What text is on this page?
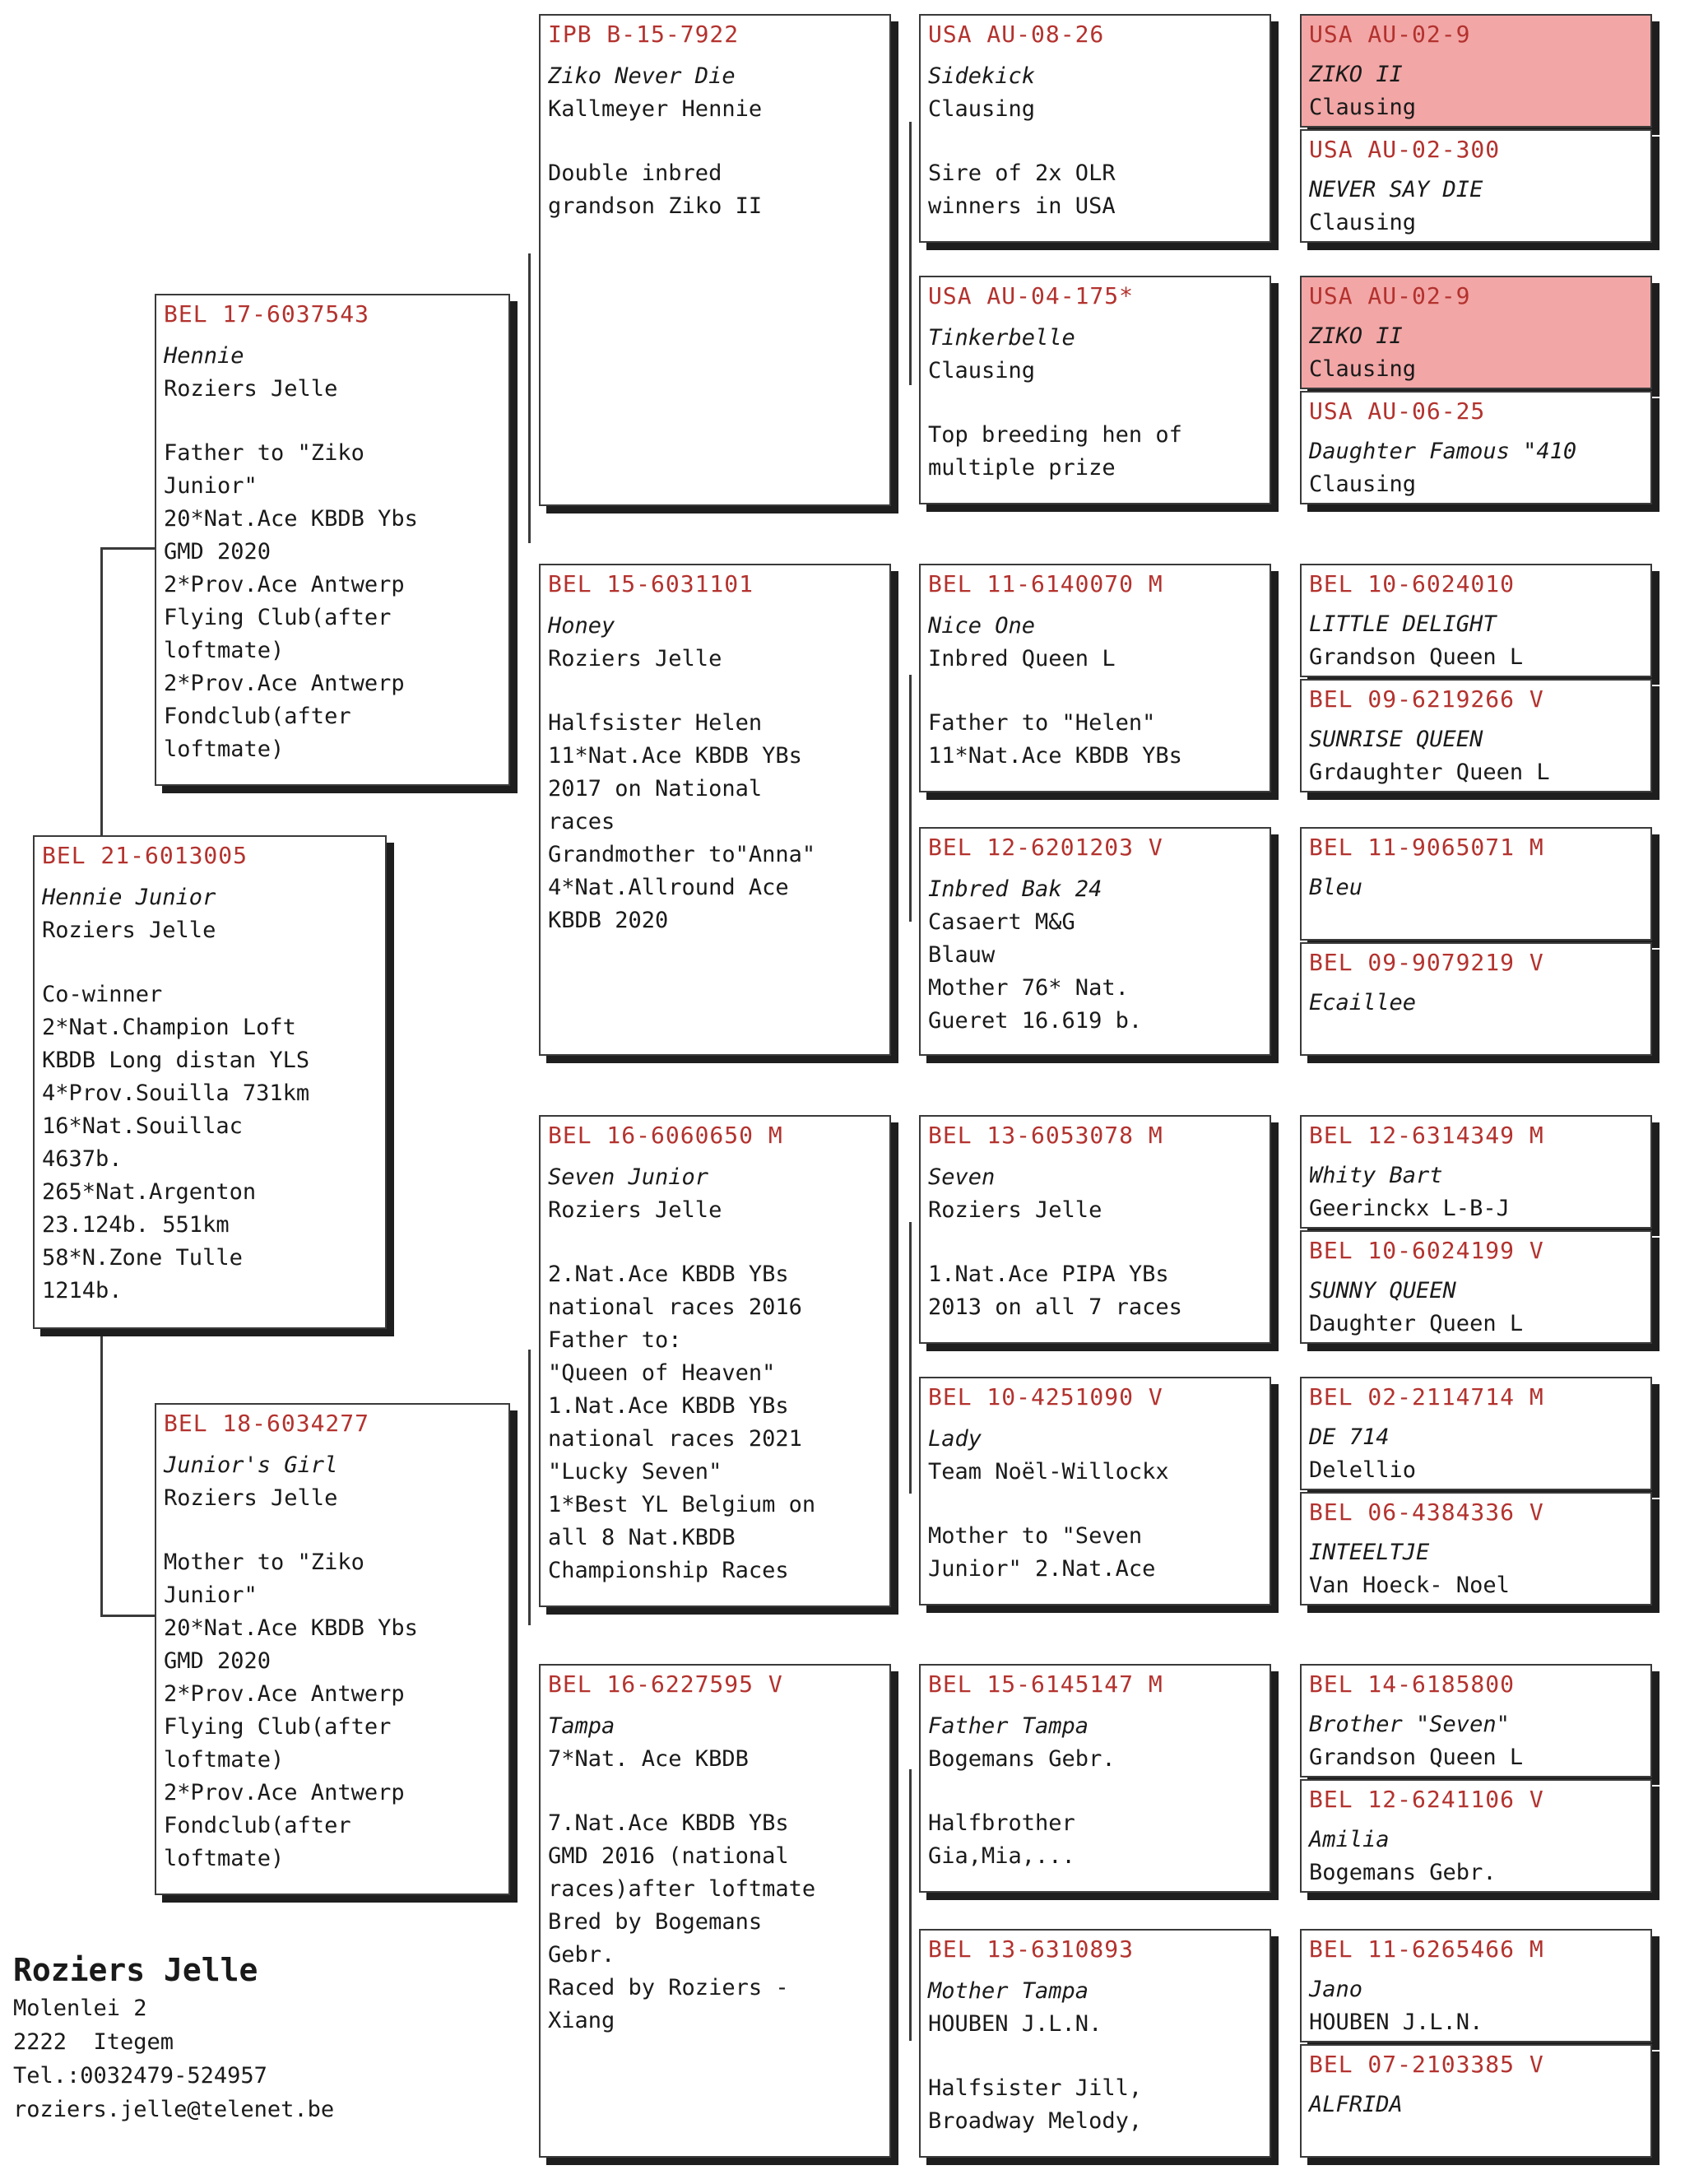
BEL 21-6013005
Hennie Junior
Roziers Jelle
Co-winner
2*Nat.Champion Loft
KBDB Long distan YLS
4*Prov.Souilla 731km
16*Nat.Souillac
4637b.
265*Nat.Argenton
23.124b. 551km
58*N.Zone Tulle
1214b.
BEL 17-6037543
Hennie
Roziers Jelle
Father to "Ziko
Junior"
20*Nat.Ace KBDB Ybs
GMD 2020
2*Prov.Ace Antwerp
Flying Club(after
loftmate)
2*Prov.Ace Antwerp
Fondclub(after
loftmate)
BEL 18-6034277
Junior's Girl
Roziers Jelle
Mother to "Ziko
Junior"
20*Nat.Ace KBDB Ybs
GMD 2020
2*Prov.Ace Antwerp
Flying Club(after
loftmate)
2*Prov.Ace Antwerp
Fondclub(after
loftmate)
IPB B-15-7922
Ziko Never Die
Kallmeyer Hennie
Double inbred
grandson Ziko II
BEL 15-6031101
Honey
Roziers Jelle
Halfsister Helen
11*Nat.Ace KBDB YBs
2017 on National
races
Grandmother to"Anna"
4*Nat.Allround Ace
KBDB 2020
BEL 16-6060650 M
Seven Junior
Roziers Jelle
2.Nat.Ace KBDB YBs
national races 2016
Father to:
"Queen of Heaven"
1.Nat.Ace KBDB YBs
national races 2021
"Lucky Seven"
1*Best YL Belgium on
all 8 Nat.KBDB
Championship Races
BEL 16-6227595 V
Tampa
7*Nat. Ace KBDB
7.Nat.Ace KBDB YBs
GMD 2016 (national
races)after loftmate
Bred by Bogemans
Gebr.
Raced by Roziers -
Xiang
USA AU-08-26
Sidekick
Clausing
Sire of 2x OLR
winners in USA
USA AU-04-175*
Tinkerbelle
Clausing
Top breeding hen of
multiple prize
BEL 11-6140070 M
Nice One
Inbred Queen L
Father to "Helen"
11*Nat.Ace KBDB YBs
BEL 12-6201203 V
Inbred Bak 24
Casaert M&G
Blauw
Mother 76* Nat.
Gueret 16.619 b.
BEL 13-6053078 M
Seven
Roziers Jelle
1.Nat.Ace PIPA YBs
2013 on all 7 races
BEL 10-4251090 V
Lady
Team Noël-Willockx
Mother to "Seven
Junior" 2.Nat.Ace
BEL 15-6145147 M
Father Tampa
Bogemans Gebr.
Halfbrother
Gia,Mia,...
BEL 13-6310893
Mother Tampa
HOUBEN J.L.N.
Halfsister Jill,
Broadway Melody,
USA AU-02-9
ZIKO II
Clausing
USA AU-02-300
NEVER SAY DIE
Clausing
USA AU-02-9
ZIKO II
Clausing
USA AU-06-25
Daughter Famous "410
Clausing
BEL 10-6024010
LITTLE DELIGHT
Grandson Queen L
BEL 09-6219266 V
SUNRISE QUEEN
Grdaughter Queen L
BEL 11-9065071 M
Bleu
BEL 09-9079219 V
Ecaillee
BEL 12-6314349 M
Whity Bart
Geerinckx L-B-J
BEL 10-6024199 V
SUNNY QUEEN
Daughter Queen L
BEL 02-2114714 M
DE 714
Delellio
BEL 06-4384336 V
INTEELTJE
Van Hoeck- Noel
BEL 14-6185800
Brother "Seven"
Grandson Queen L
BEL 12-6241106 V
Amilia
Bogemans Gebr.
BEL 11-6265466 M
Jano
HOUBEN J.L.N.
BEL 07-2103385 V
ALFRIDA
Roziers Jelle
Molenlei 2
2222  Itegem
Tel.:0032479-524957
roziers.jelle@telenet.be
